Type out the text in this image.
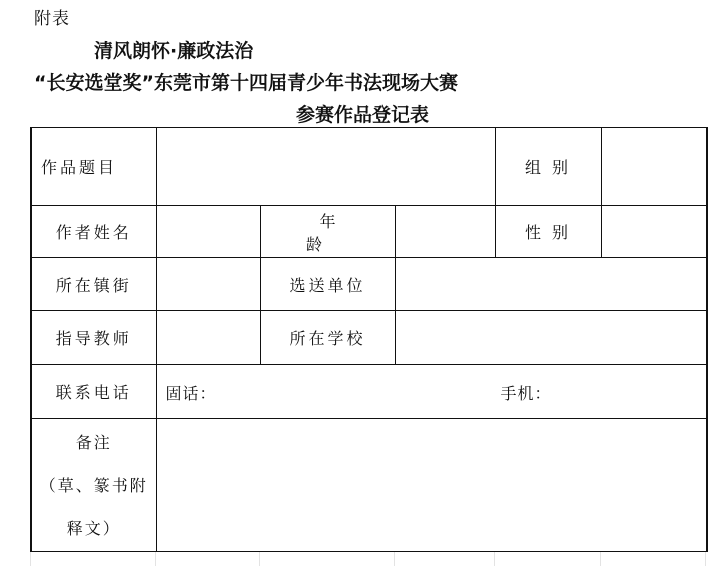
附表
清风朗怀·廉政法治
“长安选堂奖”东莞市第十四届青少年书法现场大赛
参赛作品登记表
作品题目				组 别	
作者姓名		年 龄		性 别	
所在镇街		选送单位			
指导教师		所在学校			
联系电话	固话： 手机：				

备注
（草、篆书附
释文）					
